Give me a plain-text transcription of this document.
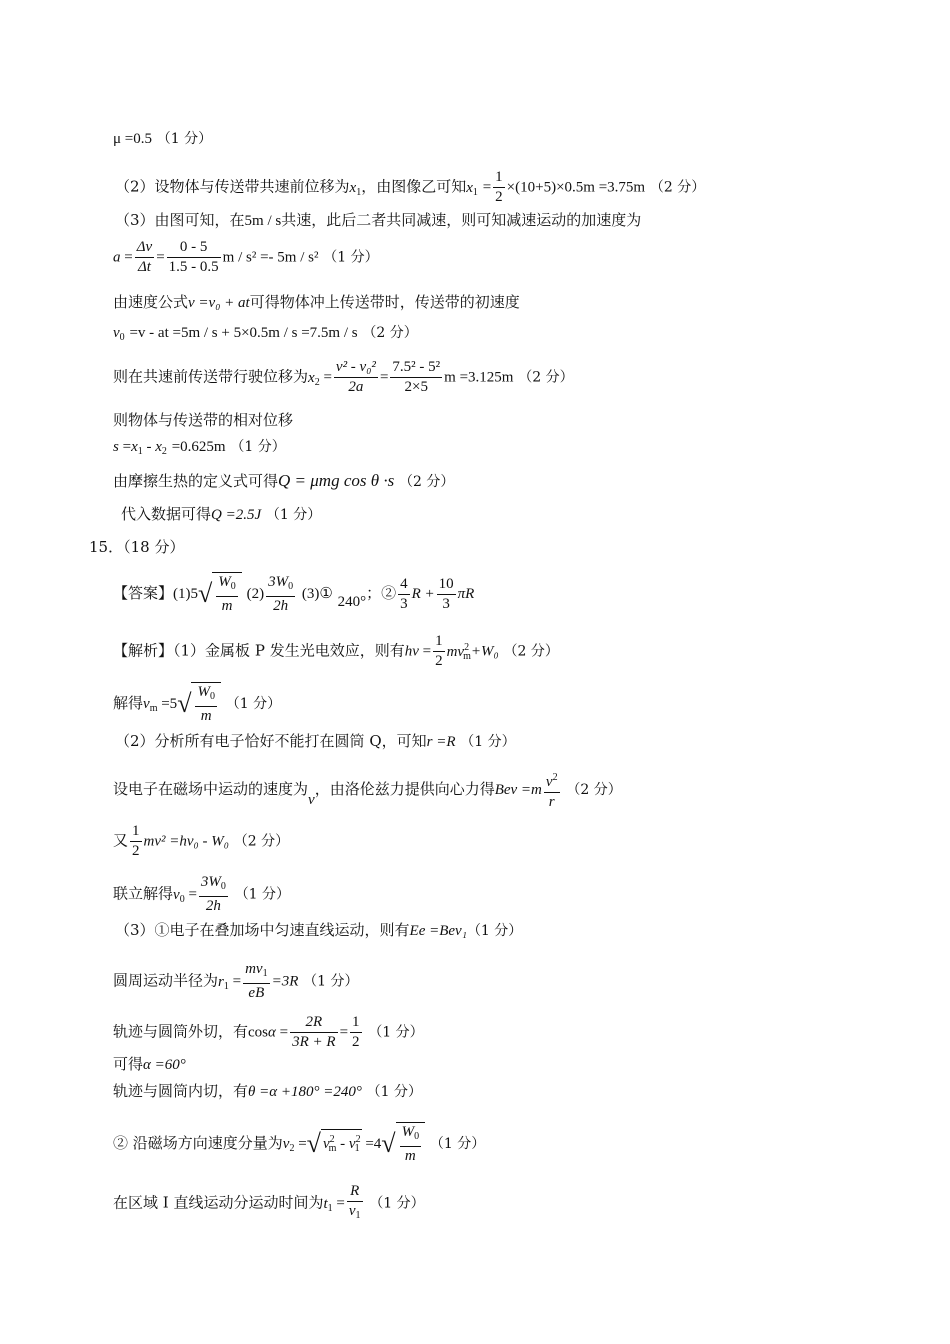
μ =0.5 （1 分）
（2）设物体与传送带共速前位移为$x_1$，由图像乙可知$x_1 = \frac{1}{2} \times(10+5)\times 0.5m =3.75m$ （2 分）
（3）由图可知，在5m / s共速，此后二者共同减速，则可知减速运动的加速度为
$a = \frac{\Delta v}{\Delta t} = \frac{0 - 5}{1.5 - 0.5}$ m / s² =- 5m / s² （1 分）
由速度公式v =v₀ + at可得物体冲上传送带时，传送带的初速度
$v_0 =v$ - at =5m / s + 5×0.5m / s =7.5m / s （2 分）
则在共速前传送带行驶位移为$x_2 = \frac{\text{v² - v₀²}}{2a} = \frac{\text{7.5² - 5²}}{2\times 5}$ m =3.125m （2 分）
则物体与传送带的相对位移
$s =x_1 - x_2 =0.625m$ （1 分）
由摩擦生热的定义式可得Q = μmg cos θ ·s （2 分）
代入数据可得Q =2.5J （1 分）
15．（18 分）
【答案】$(1)5√ \frac{W_0}{m} (2) \frac{3W_0}{2h}$ (3)① 240°；② $\frac{4}{3}$ $R + \frac{10}{3}$ πR
【解析】（1）金属板 P 发生光电效应，则有$h\nu = \frac{1}{2} mv^2_m+W_0$ （2 分）
解得$v_m =5√ \frac{W_0}{m} (1$ 分）
（2）分析所有电子恰好不能打在圆筒 Q，可知r =R （1 分）
设电子在磁场中运动的速度为v，由洛伦兹力提供向心力得Bev $=m \frac{v^2}{r} (2$ 分）
又 $\frac{1}{2} mv^2 =h\nu_0 - W_0$ （2 分）
联立解得$\nu_0 = \frac{3W_0}{2h} (1$ 分）
（3）①电子在叠加场中匀速直线运动，则有Ee =Bev₁（1 分）
圆周运动半径为$r_1 = \frac{mv_1}{eB} =3R$ （1 分）
轨迹与圆筒外切，有$\cos\alpha = \frac{2R}{3R + R} = \frac{1}{2} (1$ 分）
可得α =60°
轨迹与圆筒内切，有θ =α +180° =240° （1 分）
② 沿磁场方向速度分量为$v_2$ =√ $v^2_m - v^2_1 =4√ \frac{W_0}{m} (1$ 分）
在区域 Ⅰ 直线运动分运动时间为$t_1 = \frac{R}{v_1} (1$ 分）
